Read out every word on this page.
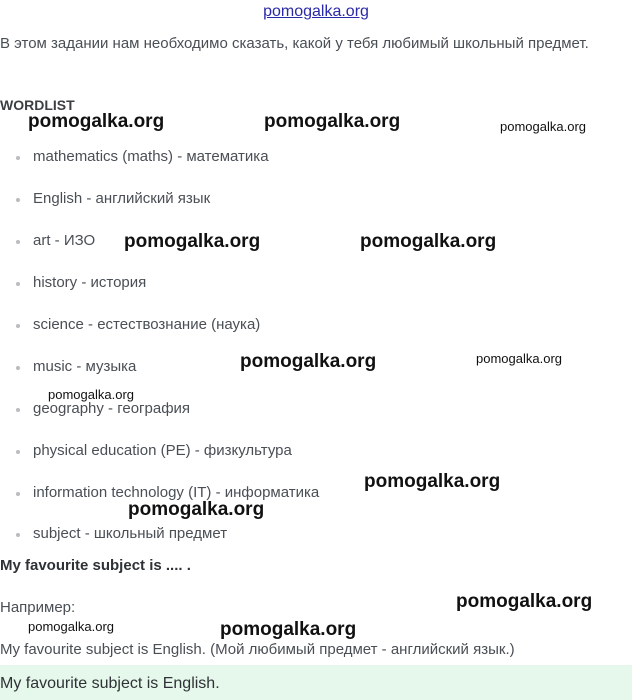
pomogalka.org
В этом задании нам необходимо сказать, какой у тебя любимый школьный предмет.
WORDLIST
mathematics (maths) - математика
English - английский язык
art - ИЗО
history - история
science - естествознание (наука)
music - музыка
geography - география
physical education (PE) - физкультура
information technology (IT) - информатика
subject - школьный предмет
My favourite subject is .... .
Например:
My favourite subject is English. (Мой любимый предмет - английский язык.)
My favourite subject is English.
pomogalka.org	pomogalka.org	pomogalka.org
pomogalka.org	pomogalka.org
pomogalka.org	pomogalka.org
pomogalka.org
pomogalka.org
pomogalka.org
pomogalka.org
pomogalka.org	pomogalka.org
